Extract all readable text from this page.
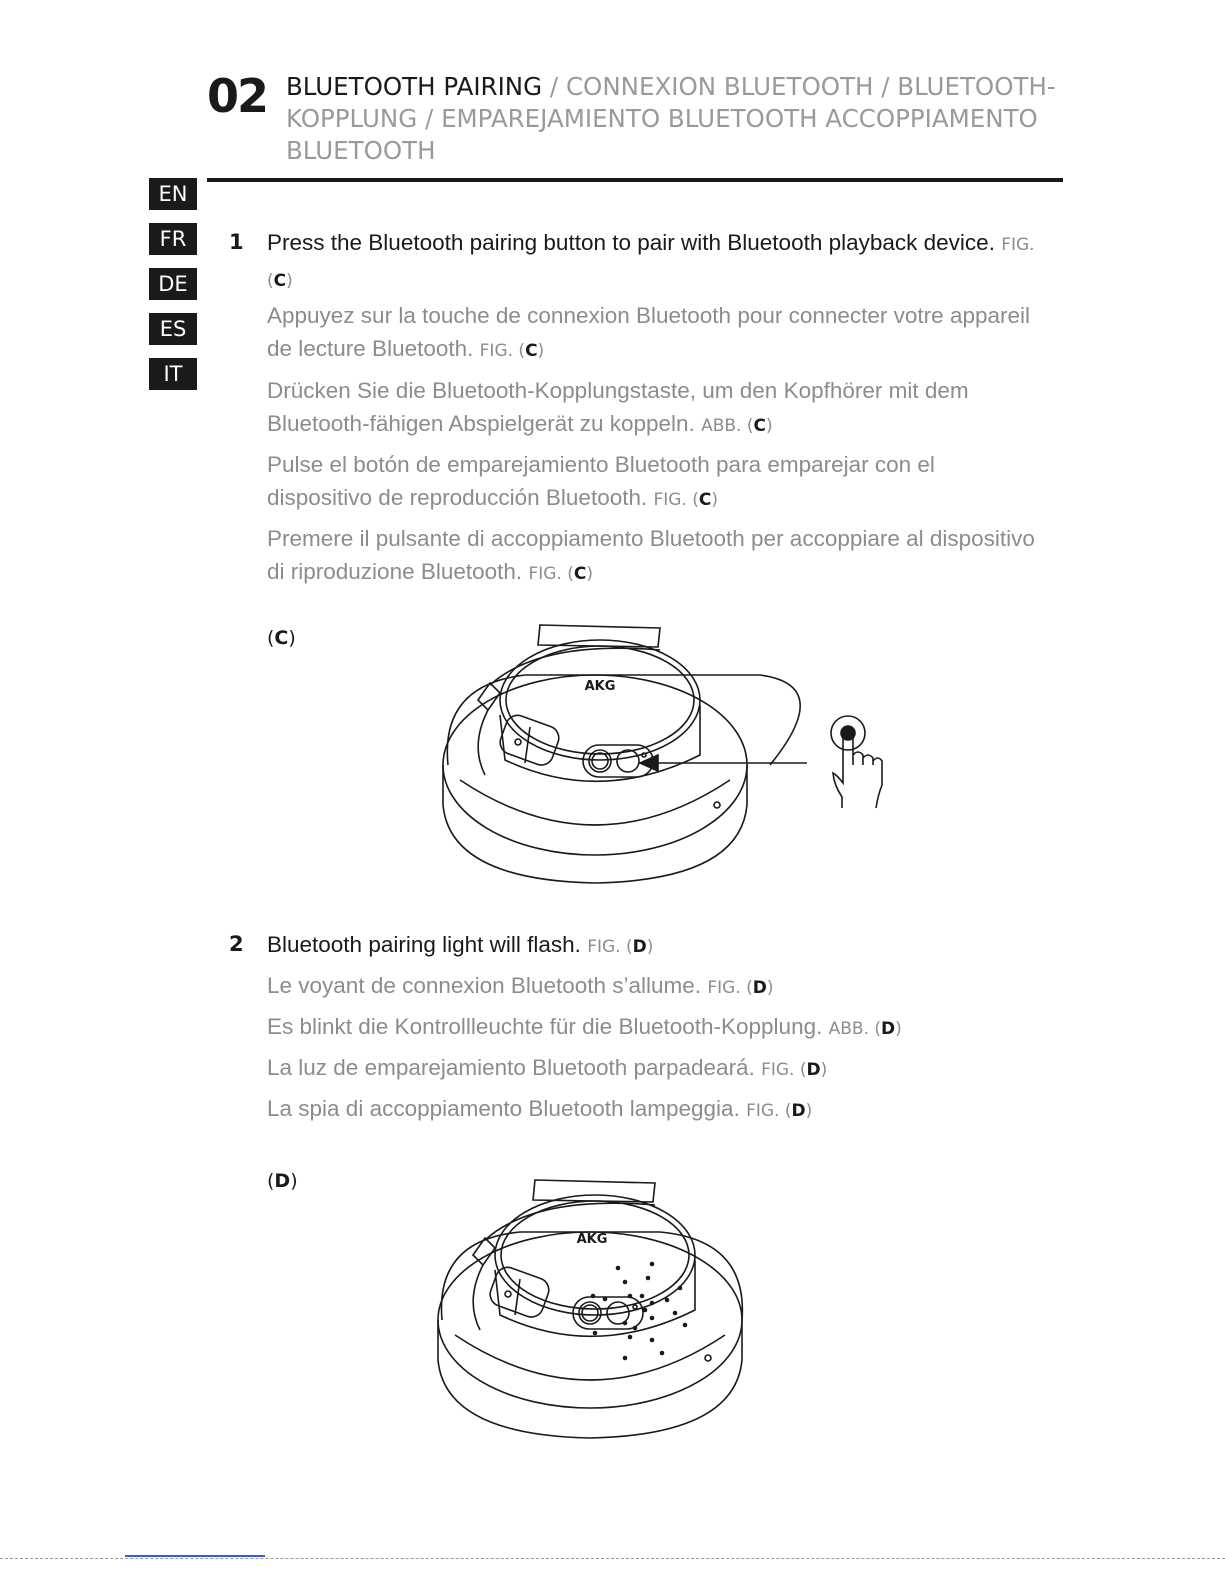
02 BLUETOOTH PAIRING / CONNEXION BLUETOOTH / BLUETOOTH-KOPPLUNG / EMPAREJAMIENTO BLUETOOTH ACCOPPIAMENTO BLUETOOTH
EN
FR
DE
ES
IT
1 Press the Bluetooth pairing button to pair with Bluetooth playback device. FIG. (C)
Appuyez sur la touche de connexion Bluetooth pour connecter votre appareil de lecture Bluetooth. FIG. (C)
Drücken Sie die Bluetooth-Kopplungstaste, um den Kopfhörer mit dem Bluetooth-fähigen Abspielgerät zu koppeln. ABB. (C)
Pulse el botón de emparejamiento Bluetooth para emparejar con el dispositivo de reproducción Bluetooth. FIG. (C)
Premere il pulsante di accoppiamento Bluetooth per accoppiare al dispositivo di riproduzione Bluetooth. FIG. (C)
(C)
AKG
2 Bluetooth pairing light will flash. FIG. (D)
Le voyant de connexion Bluetooth s’allume. FIG. (D)
Es blinkt die Kontrollleuchte für die Bluetooth-Kopplung. ABB. (D)
La luz de emparejamiento Bluetooth parpadeará. FIG. (D)
La spia di accoppiamento Bluetooth lampeggia. FIG. (D)
(D)
AKG
